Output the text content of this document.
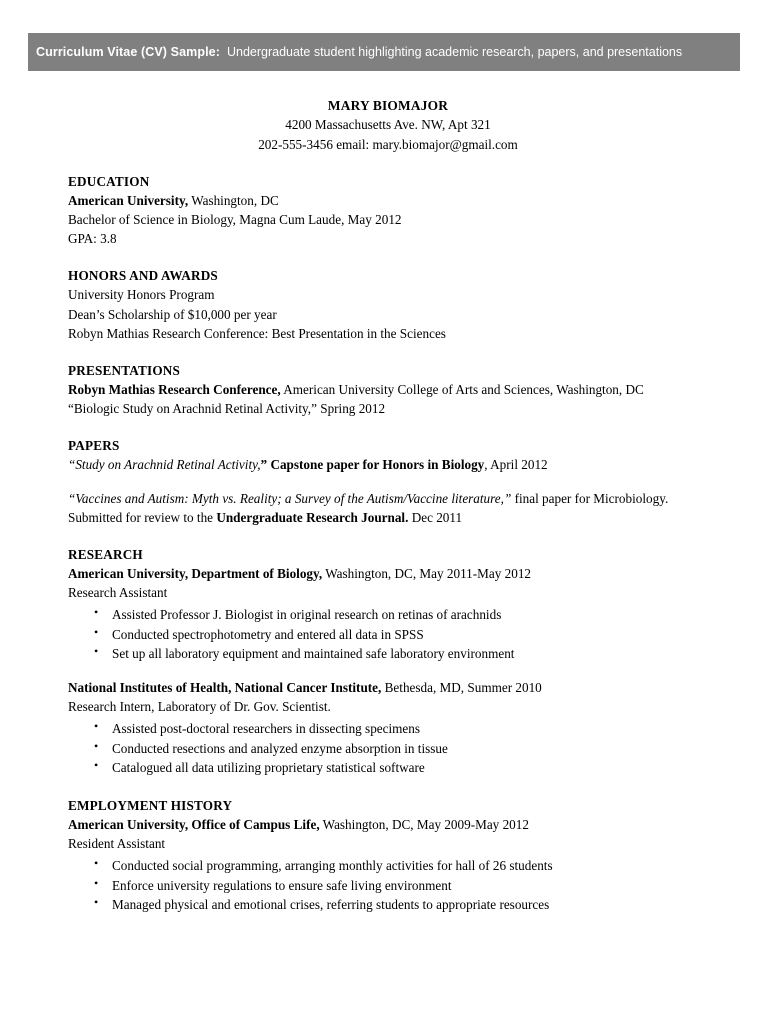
Curriculum Vitae (CV) Sample: Undergraduate student highlighting academic research, papers, and presentations
MARY BIOMAJOR
4200 Massachusetts Ave. NW, Apt 321
202-555-3456 email: mary.biomajor@gmail.com
EDUCATION
American University, Washington, DC
Bachelor of Science in Biology, Magna Cum Laude, May 2012
GPA: 3.8
HONORS AND AWARDS
University Honors Program
Dean’s Scholarship of $10,000 per year
Robyn Mathias Research Conference: Best Presentation in the Sciences
PRESENTATIONS
Robyn Mathias Research Conference, American University College of Arts and Sciences, Washington, DC
“Biologic Study on Arachnid Retinal Activity,” Spring 2012
PAPERS
“Study on Arachnid Retinal Activity,” Capstone paper for Honors in Biology, April 2012
“Vaccines and Autism: Myth vs. Reality; a Survey of the Autism/Vaccine literature,” final paper for Microbiology. Submitted for review to the Undergraduate Research Journal. Dec 2011
RESEARCH
American University, Department of Biology, Washington, DC, May 2011-May 2012
Research Assistant
• Assisted Professor J. Biologist in original research on retinas of arachnids
• Conducted spectrophotometry and entered all data in SPSS
• Set up all laboratory equipment and maintained safe laboratory environment
National Institutes of Health, National Cancer Institute, Bethesda, MD, Summer 2010
Research Intern, Laboratory of Dr. Gov. Scientist.
• Assisted post-doctoral researchers in dissecting specimens
• Conducted resections and analyzed enzyme absorption in tissue
• Catalogued all data utilizing proprietary statistical software
EMPLOYMENT HISTORY
American University, Office of Campus Life, Washington, DC, May 2009-May 2012
Resident Assistant
• Conducted social programming, arranging monthly activities for hall of 26 students
• Enforce university regulations to ensure safe living environment
• Managed physical and emotional crises, referring students to appropriate resources
